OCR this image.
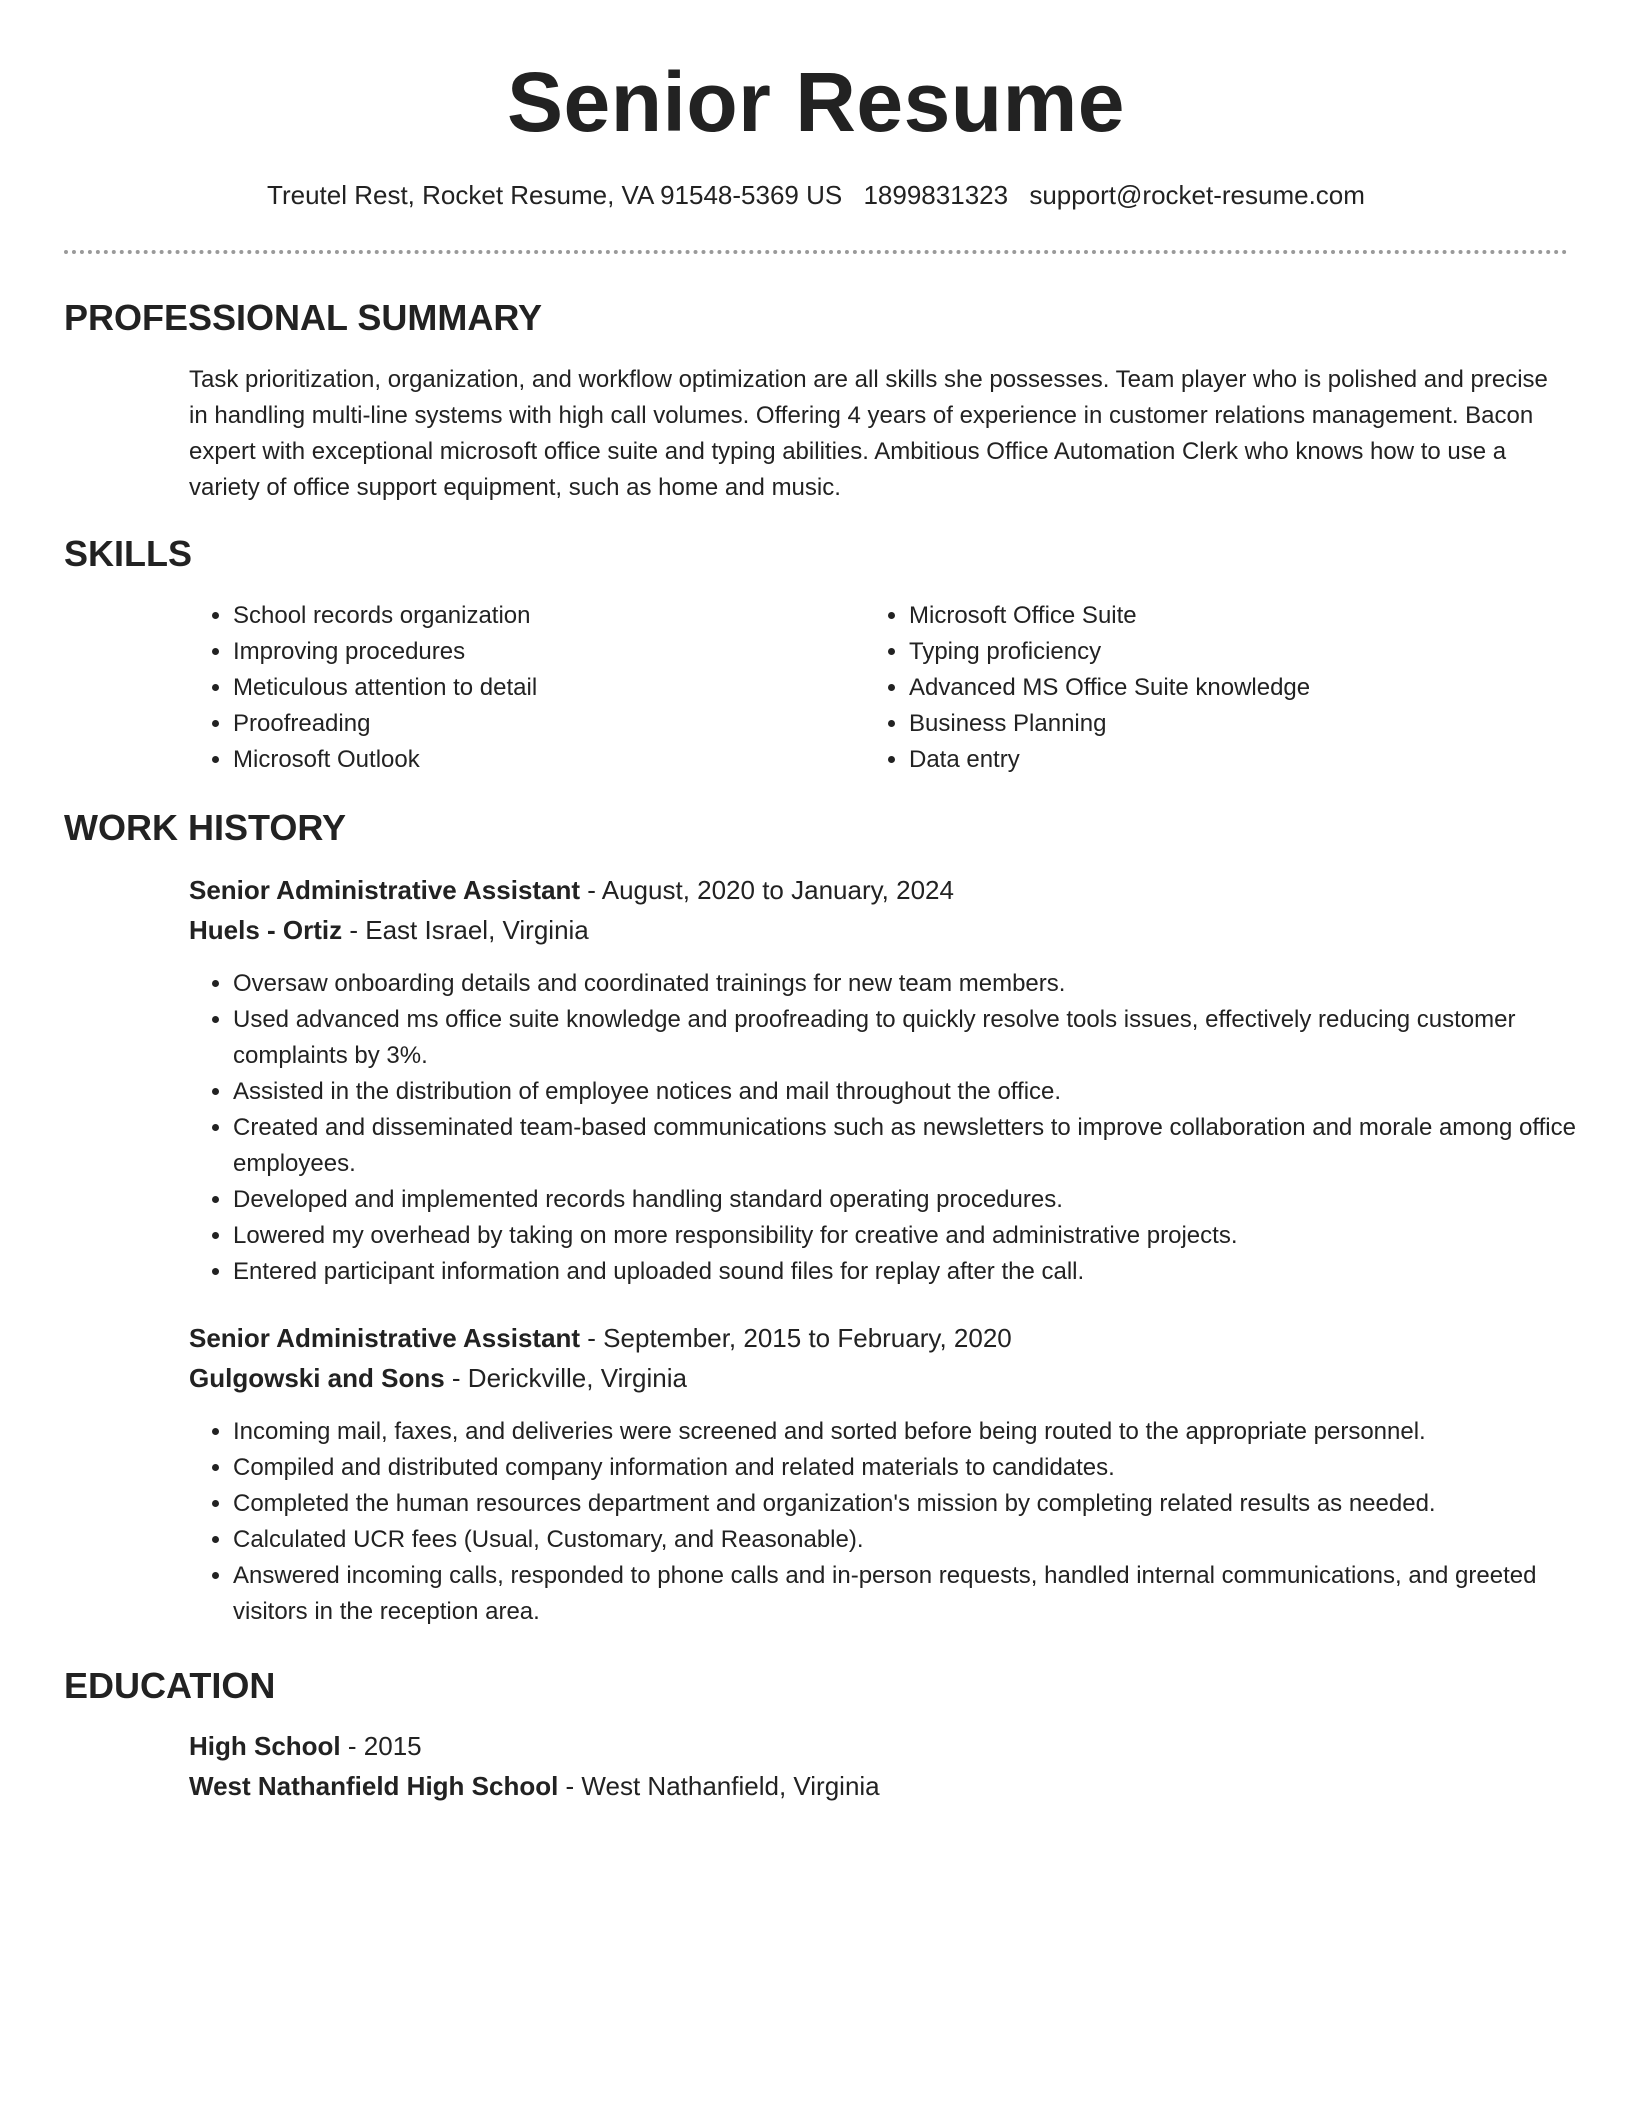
Senior Resume
Treutel Rest, Rocket Resume, VA 91548-5369 US 1899831323 support@rocket-resume.com
PROFESSIONAL SUMMARY
Task prioritization, organization, and workflow optimization are all skills she possesses. Team player who is polished and precise in handling multi-line systems with high call volumes. Offering 4 years of experience in customer relations management. Bacon expert with exceptional microsoft office suite and typing abilities. Ambitious Office Automation Clerk who knows how to use a variety of office support equipment, such as home and music.
SKILLS
• School records organization
• Improving procedures
• Meticulous attention to detail
• Proofreading
• Microsoft Outlook
• Microsoft Office Suite
• Typing proficiency
• Advanced MS Office Suite knowledge
• Business Planning
• Data entry
WORK HISTORY
Senior Administrative Assistant - August, 2020 to January, 2024
Huels - Ortiz - East Israel, Virginia
• Oversaw onboarding details and coordinated trainings for new team members.
• Used advanced ms office suite knowledge and proofreading to quickly resolve tools issues, effectively reducing customer complaints by 3%.
• Assisted in the distribution of employee notices and mail throughout the office.
• Created and disseminated team-based communications such as newsletters to improve collaboration and morale among office employees.
• Developed and implemented records handling standard operating procedures.
• Lowered my overhead by taking on more responsibility for creative and administrative projects.
• Entered participant information and uploaded sound files for replay after the call.
Senior Administrative Assistant - September, 2015 to February, 2020
Gulgowski and Sons - Derickville, Virginia
• Incoming mail, faxes, and deliveries were screened and sorted before being routed to the appropriate personnel.
• Compiled and distributed company information and related materials to candidates.
• Completed the human resources department and organization's mission by completing related results as needed.
• Calculated UCR fees (Usual, Customary, and Reasonable).
• Answered incoming calls, responded to phone calls and in-person requests, handled internal communications, and greeted visitors in the reception area.
EDUCATION
High School - 2015
West Nathanfield High School - West Nathanfield, Virginia
